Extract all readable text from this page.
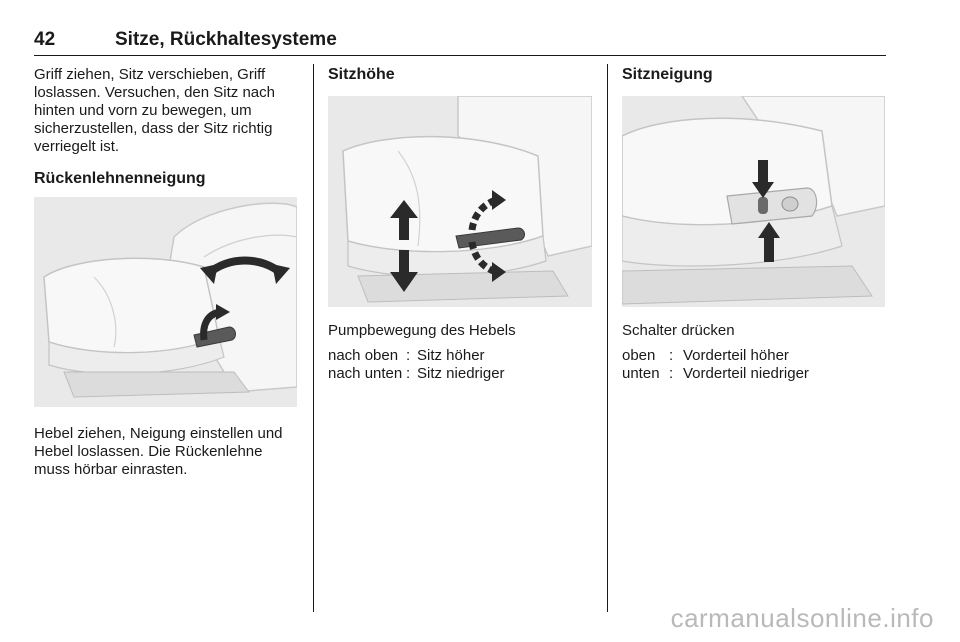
42	Sitze, Rückhaltesysteme

Griff ziehen, Sitz verschieben, Griff

loslassen. Versuchen, den Sitz nach

hinten und vorn zu bewegen, um

sicherzustellen, dass der Sitz richtig

verriegelt ist.

Rückenlehnenneigung

Hebel ziehen, Neigung einstellen und

Hebel loslassen. Die Rückenlehne

muss hörbar einrasten.

Sitzhöhe
Pumpbewegung des Hebels
nach oben : Sitz höher
nach unten : Sitz niedriger
Sitzneigung
Schalter drücken
oben : Vorderteil höher
unten : Vorderteil niedriger
carmanualsonline.info
